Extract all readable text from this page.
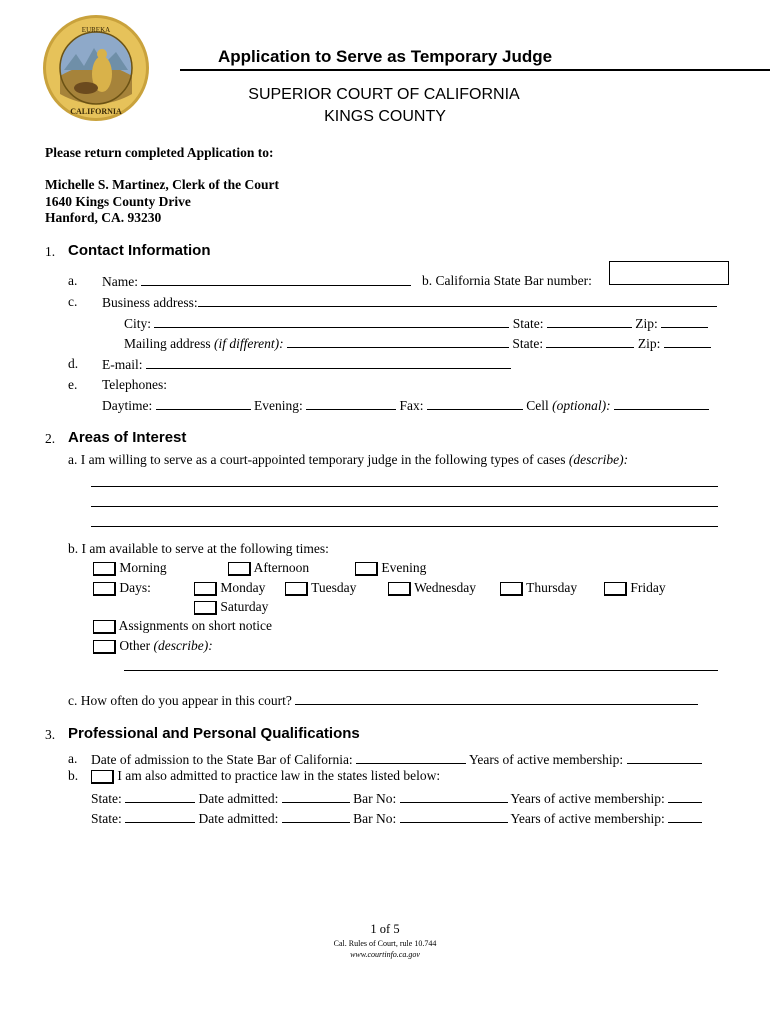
EUREKA
CALIFORNIA
Application to Serve as Temporary Judge
SUPERIOR COURT OF CALIFORNIA
KINGS COUNTY
Please return completed Application to:
Michelle S. Martinez, Clerk of the Court
1640 Kings County Drive
Hanford, CA. 93230
1. Contact Information
a. Name:	b. California State Bar number:
c. Business address:
City:	State:	Zip:
Mailing address (if different):	State:	Zip:
d. E-mail:
e. Telephones:
Daytime:	Evening:	Fax:	Cell (optional):
2. Areas of Interest
a. I am willing to serve as a court-appointed temporary judge in the following types of cases (describe):
b. I am available to serve at the following times:
Morning	Afternoon	Evening
Days:	Monday	Tuesday	Wednesday	Thursday	Friday
Saturday
Assignments on short notice
Other (describe):
c. How often do you appear in this court?
3. Professional and Personal Qualifications
a. Date of admission to the State Bar of California:	Years of active membership:
b.	I am also admitted to practice law in the states listed below:
State:	Date admitted:	Bar No:	Years of active membership:
State:	Date admitted:	Bar No:	Years of active membership:
1 of 5
Cal. Rules of Court, rule 10.744
www.courtinfo.ca.gov
